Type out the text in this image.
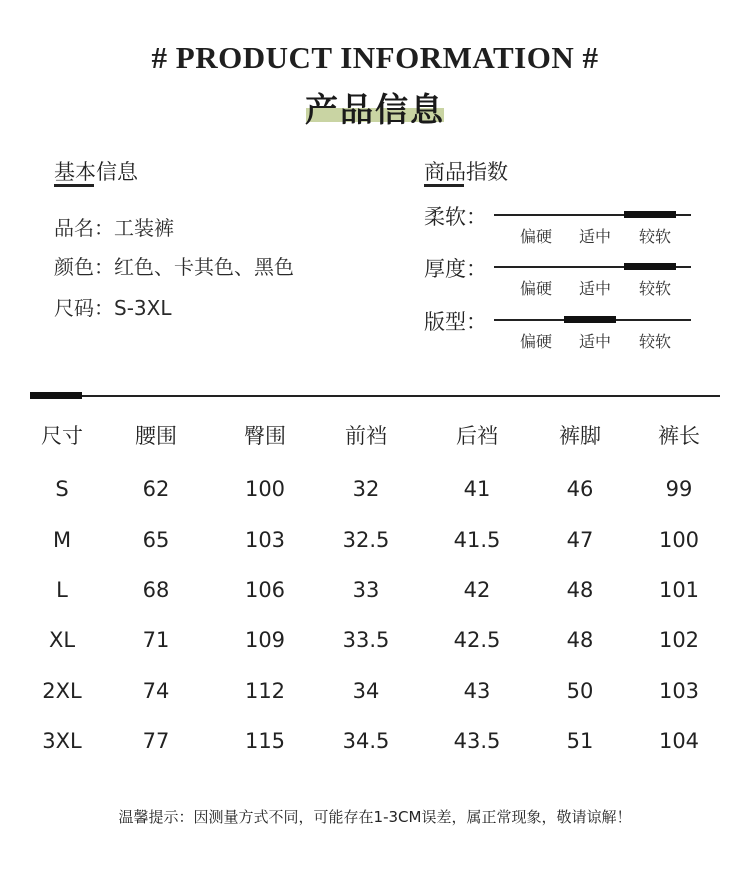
# PRODUCT INFORMATION #
产品信息
基本信息
品名：工装裤
颜色：红色、卡其色、黑色
尺码：S-3XL
商品指数
柔软：
偏硬	适中	较软
厚度：
偏硬	适中	较软
版型：
偏硬	适中	较软
尺寸	腰围	臀围	前裆	后裆	裤脚	裤长
S	62	100	32	41	46	99
M	65	103	32.5	41.5	47	100
L	68	106	33	42	48	101
XL	71	109	33.5	42.5	48	102
2XL	74	112	34	43	50	103
3XL	77	115	34.5	43.5	51	104
温馨提示：因测量方式不同，可能存在1-3CM误差，属正常现象，敬请谅解！
